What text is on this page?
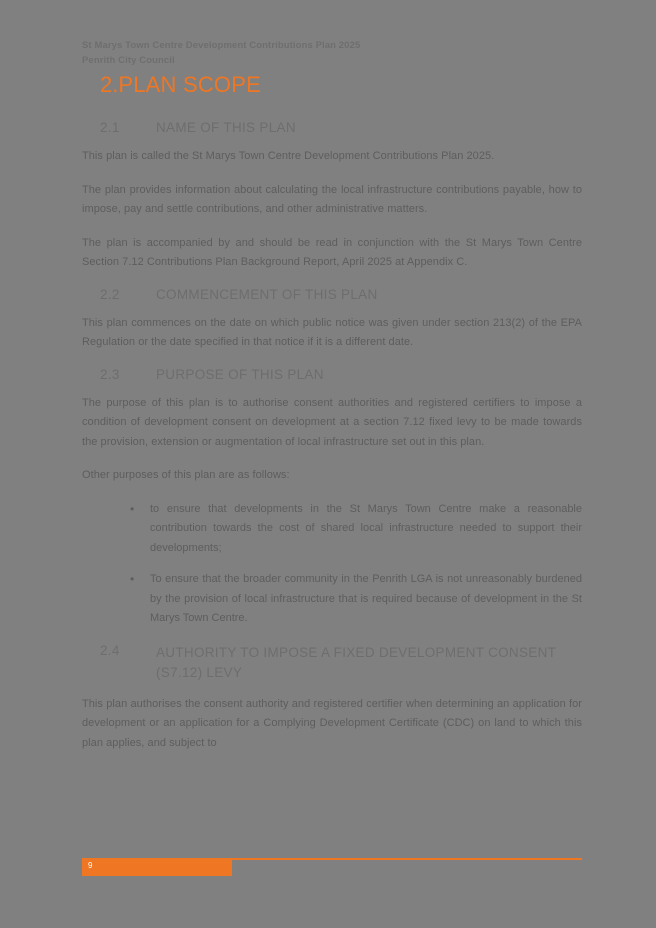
St Marys Town Centre Development Contributions Plan 2025
Penrith City Council
2.PLAN SCOPE
2.1	NAME OF THIS PLAN

This plan is called the St Marys Town Centre Development Contributions Plan 2025.

The plan provides information about calculating the local infrastructure contributions payable, how to impose, pay and settle contributions, and other administrative matters.

The plan is accompanied by and should be read in conjunction with the St Marys Town Centre Section 7.12 Contributions Plan Background Report, April 2025 at Appendix C.

2.2	COMMENCEMENT OF THIS PLAN

This plan commences on the date on which public notice was given under section 213(2) of the EPA Regulation or the date specified in that notice if it is a different date.

2.3	PURPOSE OF THIS PLAN

The purpose of this plan is to authorise consent authorities and registered certifiers to impose a condition of development consent on development at a section 7.12 fixed levy to be made towards the provision, extension or augmentation of local infrastructure set out in this plan.

Other purposes of this plan are as follows:

• to ensure that developments in the St Marys Town Centre make a reasonable contribution towards the cost of shared local infrastructure needed to support their developments;
• To ensure that the broader community in the Penrith LGA is not unreasonably burdened by the provision of local infrastructure that is required because of development in the St Marys Town Centre.
2.4	AUTHORITY TO IMPOSE A FIXED DEVELOPMENT CONSENT (S7.12) LEVY

This plan authorises the consent authority and registered certifier when determining an application for development or an application for a Complying Development Certificate (CDC) on land to which this plan applies, and subject to

9
